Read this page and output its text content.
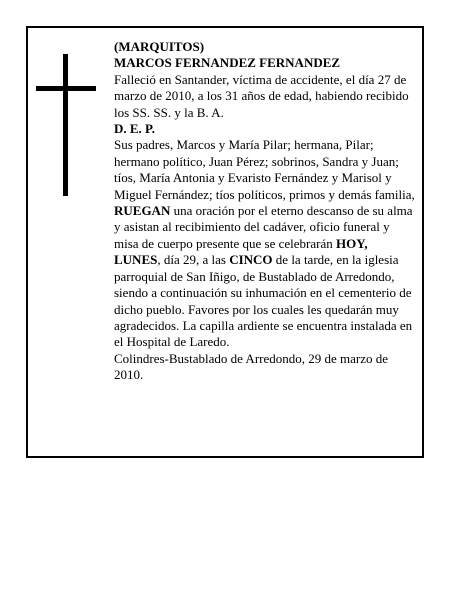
(MARQUITOS)

MARCOS FERNANDEZ FERNANDEZ

Falleció en Santander, víctima de accidente, el día 27 de marzo de 2010, a los 31 años de edad, habiendo recibido los SS. SS. y la B. A.

D. E. P.

Sus padres, Marcos y María Pilar; hermana, Pilar; hermano político, Juan Pérez; sobrinos, Sandra y Juan; tíos, María Antonia y Evaristo Fernández y Marisol y Miguel Fernández; tíos políticos, primos y demás familia,

RUEGAN una oración por el eterno descanso de su alma y asistan al recibimiento del cadáver, oficio funeral y misa de cuerpo presente que se celebrarán HOY, LUNES, día 29, a las CINCO de la tarde, en la iglesia parroquial de San Iñigo, de Bustablado de Arredondo, siendo a continuación su inhumación en el cementerio de dicho pueblo. Favores por los cuales les quedarán muy agradecidos. La capilla ardiente se encuentra instalada en el Hospital de Laredo.

Colindres-Bustablado de Arredondo, 29 de marzo de 2010.
